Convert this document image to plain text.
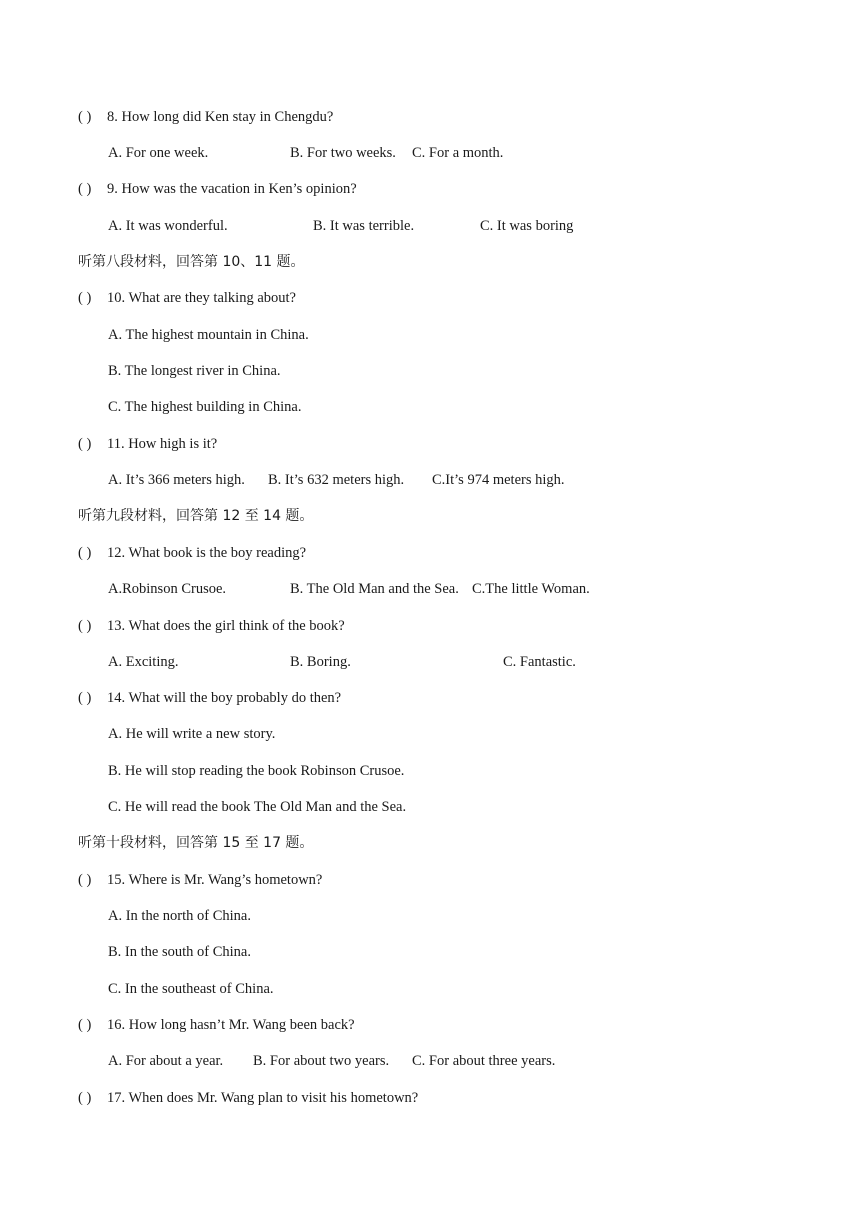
( ) 8. How long did Ken stay in Chengdu?
A. For one week.	B. For two weeks. C. For a month.
( ) 9. How was the vacation in Ken’s opinion?
A. It was wonderful.	B. It was terrible.	C. It was boring
听第八段材料，回答第 10、11 题。
( ) 10. What are they talking about?
A. The highest mountain in China.
B. The longest river in China.
C. The highest building in China.
( ) 11. How high is it?
A. It’s 366 meters high. B. It’s 632 meters high. C.It’s 974 meters high.
听第九段材料，回答第 12 至 14 题。
( ) 12. What book is the boy reading?
A.Robinson Crusoe.	B. The Old Man and the Sea. C.The little Woman.
( ) 13. What does the girl think of the book?
A. Exciting.	B. Boring.	C. Fantastic.
( ) 14. What will the boy probably do then?
A. He will write a new story.
B. He will stop reading the book Robinson Crusoe.
C. He will read the book The Old Man and the Sea.
听第十段材料，回答第 15 至 17 题。
( ) 15. Where is Mr. Wang’s hometown?
A. In the north of China.
B. In the south of China.
C. In the southeast of China.
( ) 16. How long hasn’t Mr. Wang been back?
A. For about a year. B. For about two years. C. For about three years.
( ) 17. When does Mr. Wang plan to visit his hometown?
